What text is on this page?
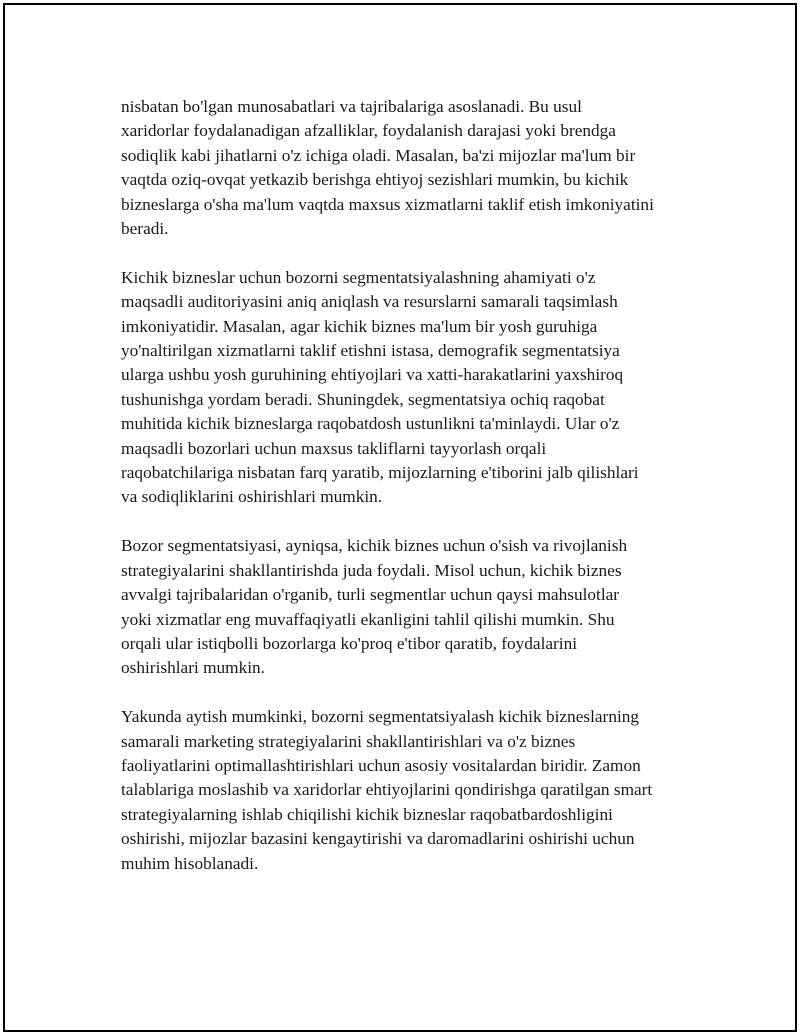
nisbatan bo'lgan munosabatlari va tajribalariga asoslanadi. Bu usul
xaridorlar foydalanadigan afzalliklar, foydalanish darajasi yoki brendga
sodiqlik kabi jihatlarni o'z ichiga oladi. Masalan, ba'zi mijozlar ma'lum bir
vaqtda oziq-ovqat yetkazib berishga ehtiyoj sezishlari mumkin, bu kichik
bizneslarga o'sha ma'lum vaqtda maxsus xizmatlarni taklif etish imkoniyatini
beradi.

Kichik bizneslar uchun bozorni segmentatsiyalashning ahamiyati o'z
maqsadli auditoriyasini aniq aniqlash va resurslarni samarali taqsimlash
imkoniyatidir. Masalan, agar kichik biznes ma'lum bir yosh guruhiga
yo'naltirilgan xizmatlarni taklif etishni istasa, demografik segmentatsiya
ularga ushbu yosh guruhining ehtiyojlari va xatti-harakatlarini yaxshiroq
tushunishga yordam beradi. Shuningdek, segmentatsiya ochiq raqobat
muhitida kichik bizneslarga raqobatdosh ustunlikni ta'minlaydi. Ular o'z
maqsadli bozorlari uchun maxsus takliflarni tayyorlash orqali
raqobatchilariga nisbatan farq yaratib, mijozlarning e'tiborini jalb qilishlari
va sodiqliklarini oshirishlari mumkin.

Bozor segmentatsiyasi, ayniqsa, kichik biznes uchun o'sish va rivojlanish
strategiyalarini shakllantirishda juda foydali. Misol uchun, kichik biznes
avvalgi tajribalaridan o'rganib, turli segmentlar uchun qaysi mahsulotlar
yoki xizmatlar eng muvaffaqiyatli ekanligini tahlil qilishi mumkin. Shu
orqali ular istiqbolli bozorlarga ko'proq e'tibor qaratib, foydalarini
oshirishlari mumkin.

Yakunda aytish mumkinki, bozorni segmentatsiyalash kichik bizneslarning
samarali marketing strategiyalarini shakllantirishlari va o'z biznes
faoliyatlarini optimallashtirishlari uchun asosiy vositalardan biridir. Zamon
talablariga moslashib va xaridorlar ehtiyojlarini qondirishga qaratilgan smart
strategiyalarning ishlab chiqilishi kichik bizneslar raqobatbardoshligini
oshirishi, mijozlar bazasini kengaytirishi va daromadlarini oshirishi uchun
muhim hisoblanadi.
